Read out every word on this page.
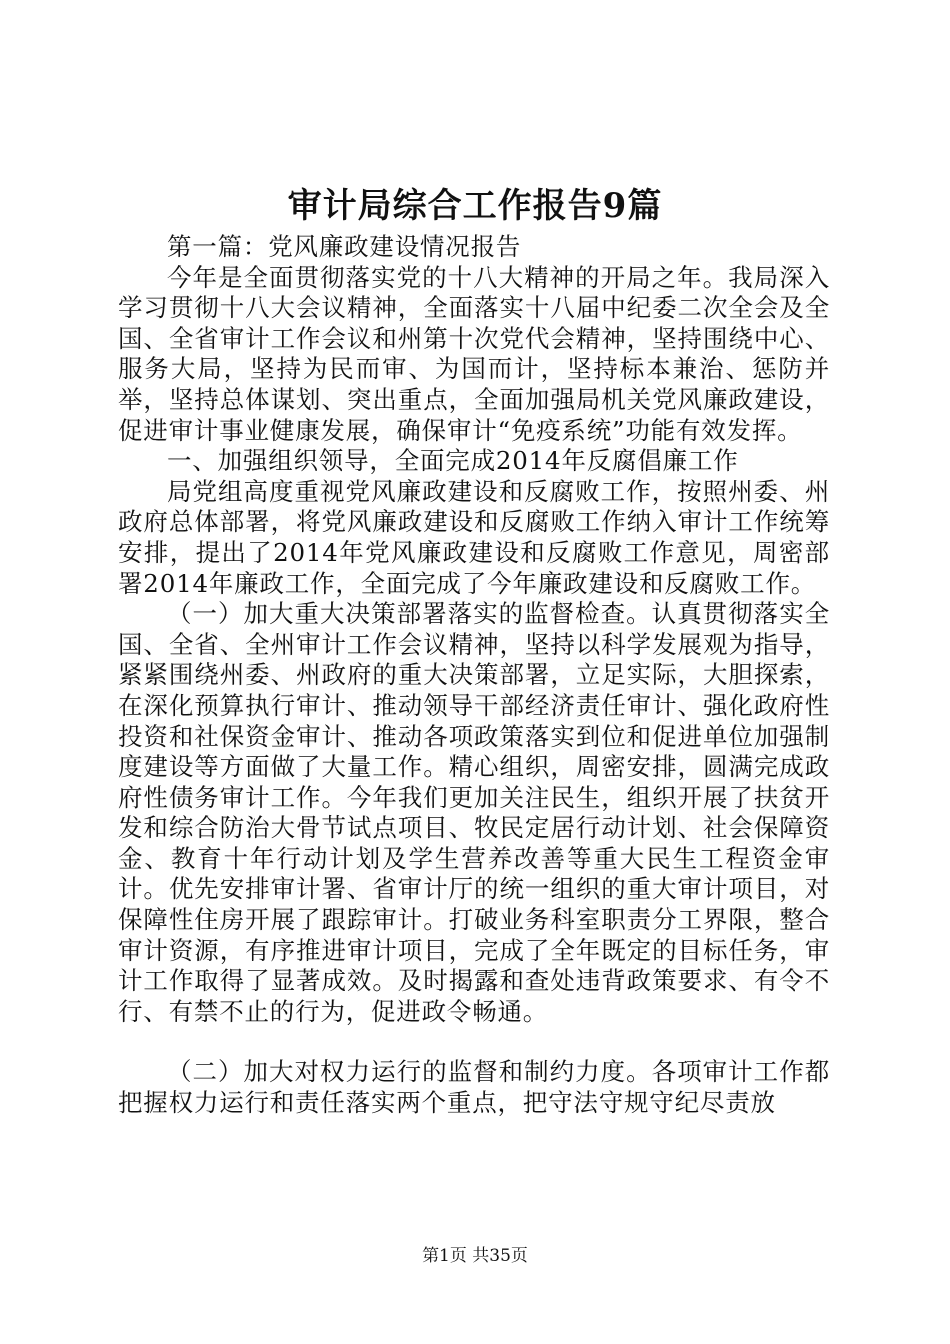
审计局综合工作报告9篇

第一篇：党风廉政建设情况报告

今年是全面贯彻落实党的十八大精神的开局之年。我局深入学习贯彻十八大会议精神，全面落实十八届中纪委二次全会及全国、全省审计工作会议和州第十次党代会精神，坚持围绕中心、服务大局，坚持为民而审、为国而计，坚持标本兼治、惩防并举，坚持总体谋划、突出重点，全面加强局机关党风廉政建设，促进审计事业健康发展，确保审计“免疫系统”功能有效发挥。

一、加强组织领导，全面完成2014年反腐倡廉工作

局党组高度重视党风廉政建设和反腐败工作，按照州委、州政府总体部署，将党风廉政建设和反腐败工作纳入审计工作统筹安排，提出了2014年党风廉政建设和反腐败工作意见，周密部署2014年廉政工作，全面完成了今年廉政建设和反腐败工作。

（一）加大重大决策部署落实的监督检查。认真贯彻落实全国、全省、全州审计工作会议精神，坚持以科学发展观为指导，紧紧围绕州委、州政府的重大决策部署，立足实际，大胆探索，在深化预算执行审计、推动领导干部经济责任审计、强化政府性投资和社保资金审计、推动各项政策落实到位和促进单位加强制度建设等方面做了大量工作。精心组织，周密安排，圆满完成政府性债务审计工作。今年我们更加关注民生，组织开展了扶贫开发和综合防治大骨节试点项目、牧民定居行动计划、社会保障资金、教育十年行动计划及学生营养改善等重大民生工程资金审计。优先安排审计署、省审计厅的统一组织的重大审计项目，对保障性住房开展了跟踪审计。打破业务科室职责分工界限，整合审计资源，有序推进审计项目，完成了全年既定的目标任务，审计工作取得了显著成效。及时揭露和查处违背政策要求、有令不行、有禁不止的行为，促进政令畅通。

（二）加大对权力运行的监督和制约力度。各项审计工作都把握权力运行和责任落实两个重点，把守法守规守纪尽责放

第1页 共35页
